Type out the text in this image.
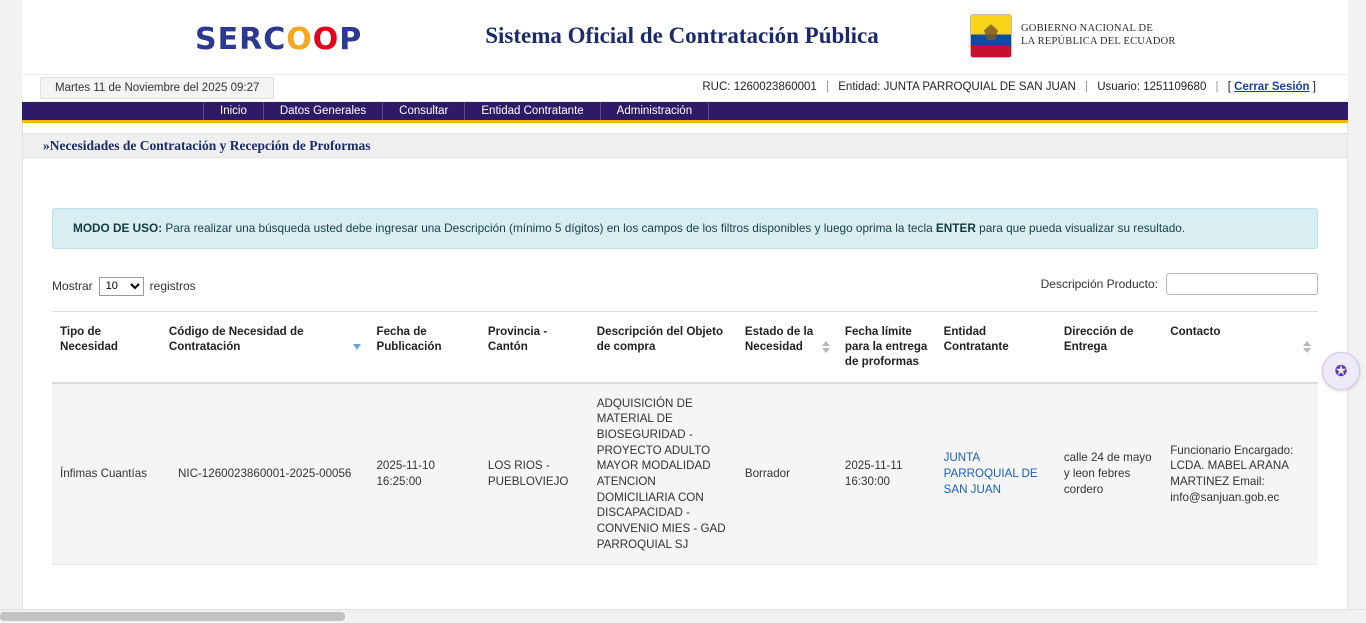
SERCOOP	Sistema Oficial de Contratación Pública	GOBIERNO NACIONAL DE
LA REPÚBLICA DEL ECUADOR
Martes 11 de Noviembre del 2025 09:27	RUC: 1260023860001 | Entidad: JUNTA PARROQUIAL DE SAN JUAN | Usuario: 1251109680 | [ Cerrar Sesión ]
Inicio	Datos Generales	Consultar	Entidad Contratante	Administración
»Necesidades de Contratación y Recepción de Proformas
MODO DE USO: Para realizar una búsqueda usted debe ingresar una Descripción (mínimo 5 dígitos) en los campos de los filtros disponibles y luego oprima la tecla ENTER para que pueda visualizar su resultado.
Mostrar
10	registros	Descripción Producto:
Tipo de Necesidad	Código de Necesidad de Contratación	Fecha de Publicación	Provincia - Cantón	Descripción del Objeto de compra	Estado de la Necesidad	Fecha límite para la entrega de proformas	Entidad Contratante	Dirección de Entrega	Contacto

Ínfimas Cuantías	NIC-1260023860001-2025-00056	2025-11-10 16:25:00	LOS RIOS - PUEBLOVIEJO	ADQUISICIÓN DE MATERIAL DE BIOSEGURIDAD - PROYECTO ADULTO MAYOR MODALIDAD ATENCION DOMICILIARIA CON DISCAPACIDAD - CONVENIO MIES - GAD PARROQUIAL SJ	Borrador	2025-11-11 16:30:00	JUNTA PARROQUIAL DE SAN JUAN	calle 24 de mayo y leon febres cordero	Funcionario Encargado: LCDA. MABEL ARANA MARTINEZ Email: info@sanjuan.gob.ec
✪
